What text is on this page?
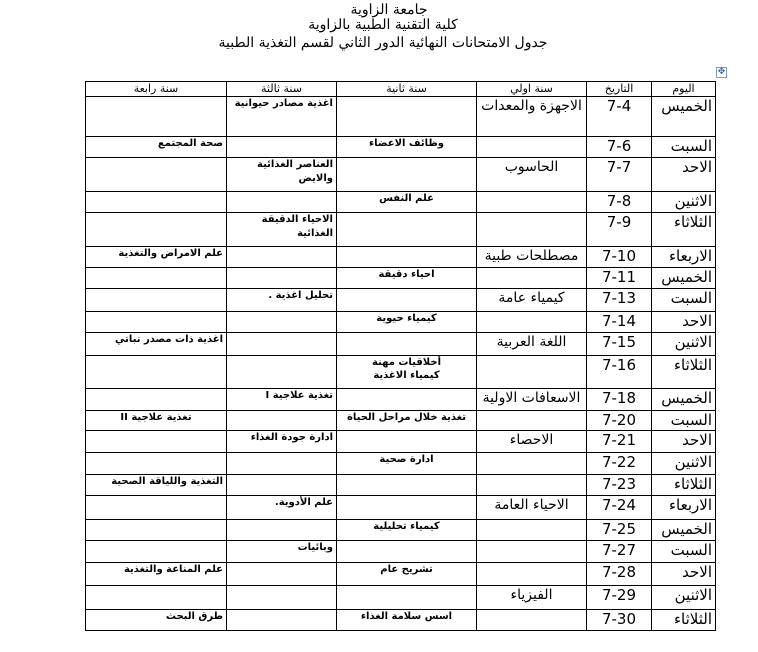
جامعة الزاوية
كلية التقنية الطبية بالزاوية
جدول الامتحانات النهائية الدور الثاني لقسم التغذية الطبية
✥
اليوم	التاريخ	سنة اولي	سنة ثانية	سنة ثالثة	سنة رابعة
الخميس	7-4	الاجهزة والمعدات		اغذية مصادر حيوانية	
السبت	7-6		وظائف الاعضاء		صحة المجتمع
الاحد	7-7	الحاسوب		العناصر الغذائية والايض	
الاثنين	7-8		علم النفس		
الثلاثاء	7-9			الاحياء الدقيقة الغذائية	
الاربعاء	7-10	مصطلحات طبية			علم الامراض والتغذية
الخميس	7-11		احياء دقيقة		
السبت	7-13	كيمياء عامة		تحليل اغذية .	
الاحد	7-14		كيمياء حيوية		
الاثنين	7-15	اللغة العربية			اغذية ذات مصدر نباتي
الثلاثاء	7-16		أخلاقيات مهنة
كيمياء الاغذية		
الخميس	7-18	الاسعافات الاولية		تغذية علاجية I	
السبت	7-20		تغذية خلال مراحل الحياة		تغذية علاجية II
الاحد	7-21	الاحصاء		ادارة جودة الغذاء	
الاثنين	7-22		ادارة صحية		
الثلاثاء	7-23				التغذية واللياقة الصحية
الاربعاء	7-24	الاحياء العامة		علم الأدوية.	
الخميس	7-25		كيمياء تحليلية		
السبت	7-27			وبائيات	
الاحد	7-28		تشريح عام		علم المناعة والتغذية
الاثنين	7-29	الفيزياء			
الثلاثاء	7-30		اسس سلامة الغذاء		طرق البحث
